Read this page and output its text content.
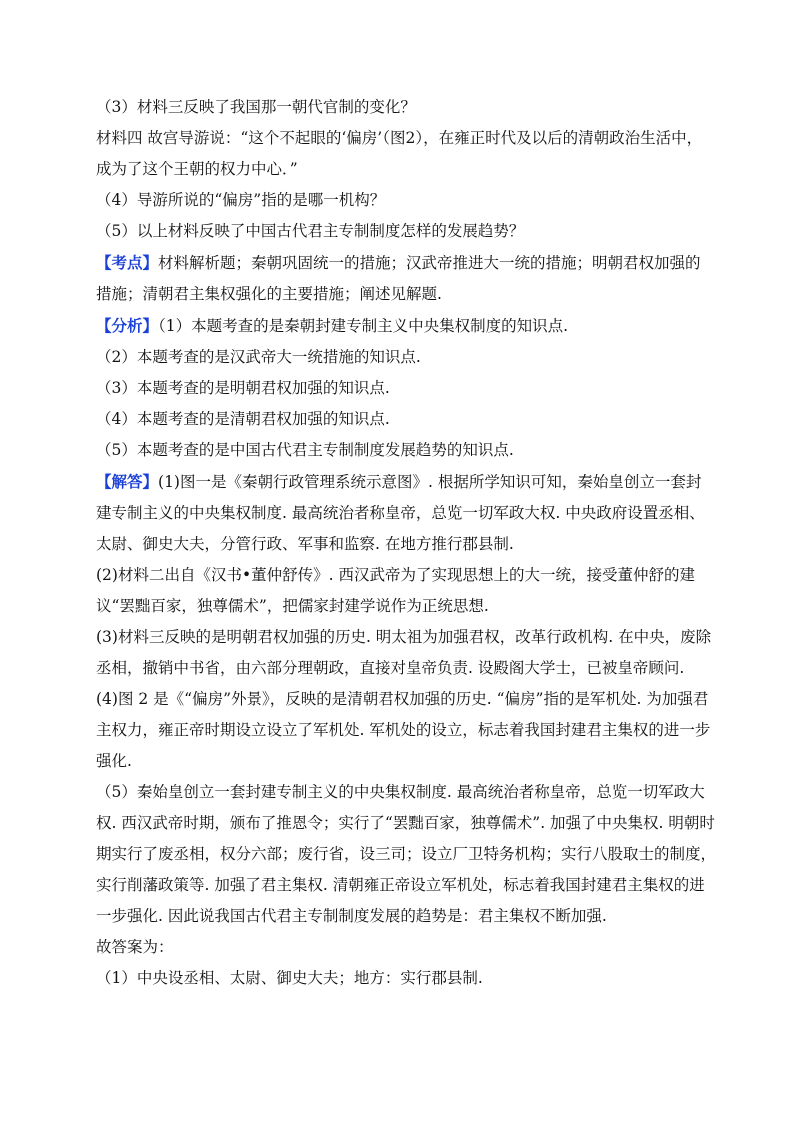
（3）材料三反映了我国那一朝代官制的变化？

材料四 故宫导游说：“这个不起眼的‘偏房’（图2），在雍正时代及以后的清朝政治生活中，成为了这个王朝的权力中心．”

（4）导游所说的“偏房”指的是哪一机构？

（5）以上材料反映了中国古代君主专制制度怎样的发展趋势？

【考点】材料解析题；秦朝巩固统一的措施；汉武帝推进大一统的措施；明朝君权加强的措施；清朝君主集权强化的主要措施；阐述见解题.

【分析】（1）本题考查的是秦朝封建专制主义中央集权制度的知识点.

（2）本题考查的是汉武帝大一统措施的知识点.

（3）本题考查的是明朝君权加强的知识点.

（4）本题考查的是清朝君权加强的知识点.

（5）本题考查的是中国古代君主专制制度发展趋势的知识点.

【解答】(1)图一是《秦朝行政管理系统示意图》. 根据所学知识可知，秦始皇创立一套封建专制主义的中央集权制度. 最高统治者称皇帝，总览一切军政大权. 中央政府设置丞相、太尉、御史大夫，分管行政、军事和监察. 在地方推行郡县制.

(2)材料二出自《汉书•董仲舒传》. 西汉武帝为了实现思想上的大一统，接受董仲舒的建议“罢黜百家，独尊儒术”，把儒家封建学说作为正统思想.

(3)材料三反映的是明朝君权加强的历史. 明太祖为加强君权，改革行政机构. 在中央，废除丞相，撤销中书省，由六部分理朝政，直接对皇帝负责. 设殿阁大学士，已被皇帝顾问.

(4)图 2 是《“偏房”外景》，反映的是清朝君权加强的历史. “偏房”指的是军机处. 为加强君主权力，雍正帝时期设立设立了军机处. 军机处的设立，标志着我国封建君主集权的进一步强化.

（5）秦始皇创立一套封建专制主义的中央集权制度. 最高统治者称皇帝，总览一切军政大权. 西汉武帝时期，颁布了推恩令；实行了“罢黜百家，独尊儒术”. 加强了中央集权. 明朝时期实行了废丞相，权分六部；废行省，设三司；设立厂卫特务机构；实行八股取士的制度，实行削藩政策等. 加强了君主集权. 清朝雍正帝设立军机处，标志着我国封建君主集权的进一步强化. 因此说我国古代君主专制制度发展的趋势是：君主集权不断加强.

故答案为：

（1）中央设丞相、太尉、御史大夫；地方：实行郡县制.
